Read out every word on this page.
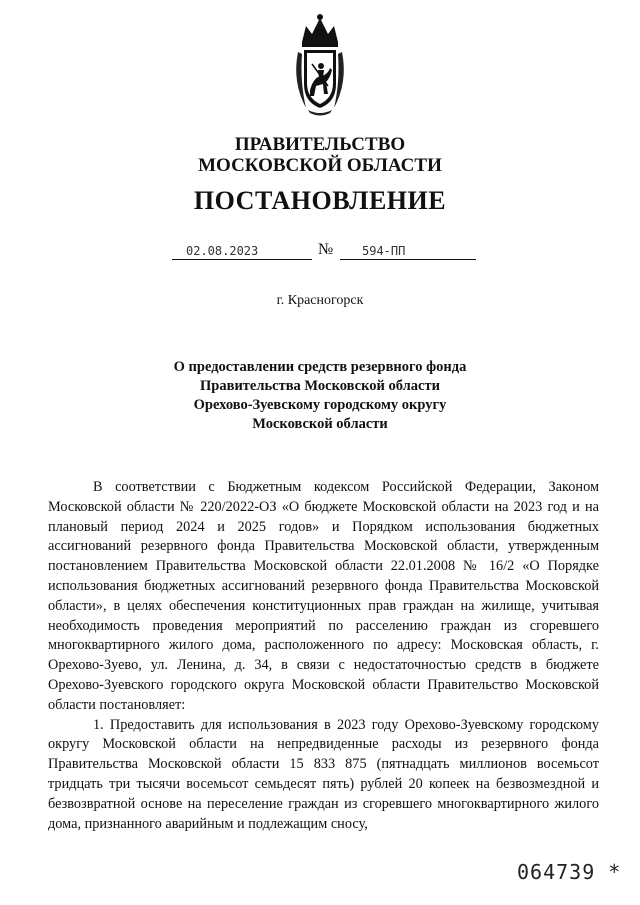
ПРАВИТЕЛЬСТВО
МОСКОВСКОЙ ОБЛАСТИ
ПОСТАНОВЛЕНИЕ
02.08.2023	№	594-ПП
г. Красногорск
О предоставлении средств резервного фонда
Правительства Московской области
Орехово-Зуевскому городскому округу
Московской области

В соответствии с Бюджетным кодексом Российской Федерации, Законом Московской области № 220/2022-ОЗ «О бюджете Московской области на 2023 год и на плановый период 2024 и 2025 годов» и Порядком использования бюджетных ассигнований резервного фонда Правительства Московской области, утвержденным постановлением Правительства Московской области 22.01.2008 № 16/2 «О Порядке использования бюджетных ассигнований резервного фонда Правительства Московской области», в целях обеспечения конституционных прав граждан на жилище, учитывая необходимость проведения мероприятий по расселению граждан из сгоревшего многоквартирного жилого дома, расположенного по адресу: Московская область, г. Орехово-Зуево, ул. Ленина, д. 34, в связи с недостаточностью средств в бюджете Орехово-Зуевского городского округа Московской области Правительство Московской области постановляет:

1. Предоставить для использования в 2023 году Орехово-Зуевскому городскому округу Московской области на непредвиденные расходы из резервного фонда Правительства Московской области 15 833 875 (пятнадцать миллионов восемьсот тридцать три тысячи восемьсот семьдесят пять) рублей 20 копеек на безвозмездной и безвозвратной основе на переселение граждан из сгоревшего многоквартирного жилого дома, признанного аварийным и подлежащим сносу,

064739 *
